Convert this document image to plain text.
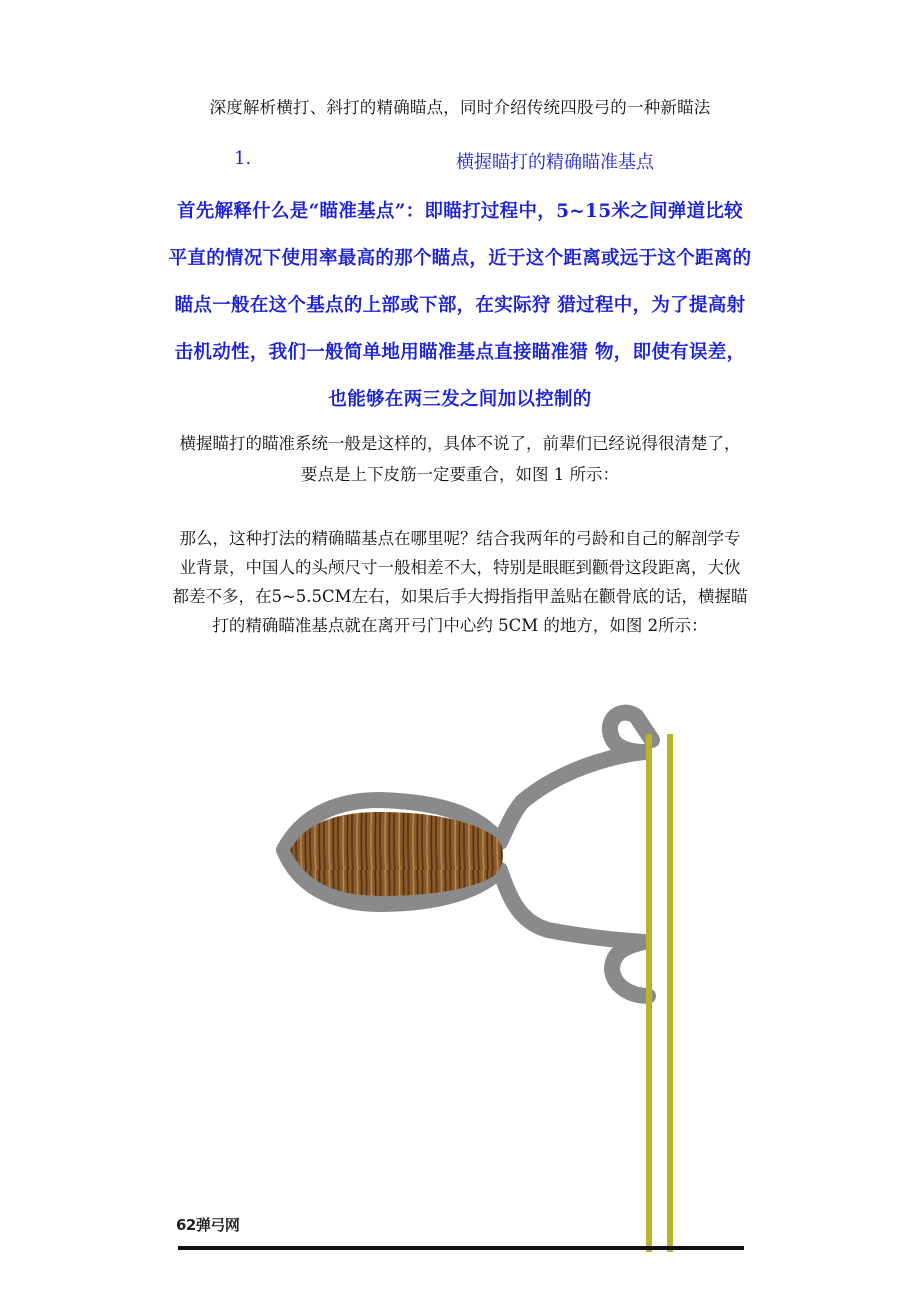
深度解析横打、斜打的精确瞄点，同时介绍传统四股弓的一种新瞄法
1.	横握瞄打的精确瞄准基点
首先解释什么是“瞄准基点”：即瞄打过程中，5~15米之间弹道比较
平直的情况下使用率最高的那个瞄点，近于这个距离或远于这个距离的
瞄点一般在这个基点的上部或下部，在实际狩 猎过程中，为了提高射
击机动性，我们一般简单地用瞄准基点直接瞄准猎 物，即使有误差，
也能够在两三发之间加以控制的
横握瞄打的瞄准系统一般是这样的，具体不说了，前辈们已经说得很清楚了，
要点是上下皮筋一定要重合，如图 1 所示：
那么，这种打法的精确瞄基点在哪里呢？结合我两年的弓龄和自己的解剖学专
业背景，中国人的头颅尺寸一般相差不大，特别是眼眶到颧骨这段距离，大伙
都差不多，在5~5.5CM左右，如果后手大拇指指甲盖贴在颧骨底的话，横握瞄
打的精确瞄准基点就在离开弓门中心约 5CM 的地方，如图 2所示：
62弹弓网
